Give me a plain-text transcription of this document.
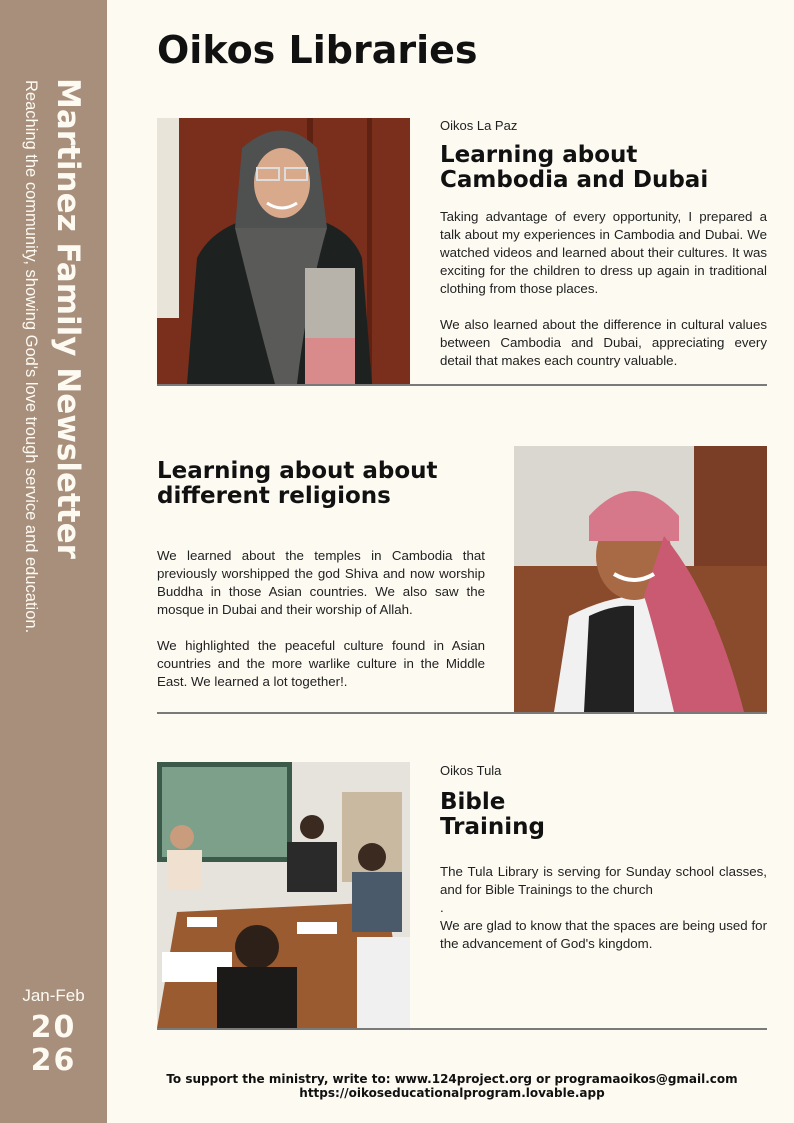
Martinez Family Newsletter
Reaching the community, showing God's love trough service and education.
Jan-Feb
20
26
Oikos Libraries
Oikos La Paz
Learning about
Cambodia and Dubai

Taking advantage of every opportunity, I prepared a talk about my experiences in Cambodia and Dubai. We watched videos and learned about their cultures. It was exciting for the children to dress up again in traditional clothing from those places.

We also learned about the difference in cultural values between Cambodia and Dubai, appreciating every detail that makes each country valuable.

Learning about about
different religions

We learned about the temples in Cambodia that previously worshipped the god Shiva and now worship Buddha in those Asian countries. We also saw the mosque in Dubai and their worship of Allah.

We highlighted the peaceful culture found in Asian countries and the more warlike culture in the Middle East. We learned a lot together!.

Oikos Tula
Bible
Training

The Tula Library is serving for Sunday school classes, and for Bible Trainings to the church

.

We are glad to know that the spaces are being used for the advancement of God's kingdom.

To support the ministry, write to: www.124project.org or programaoikos@gmail.com
https://oikoseducationalprogram.lovable.app
